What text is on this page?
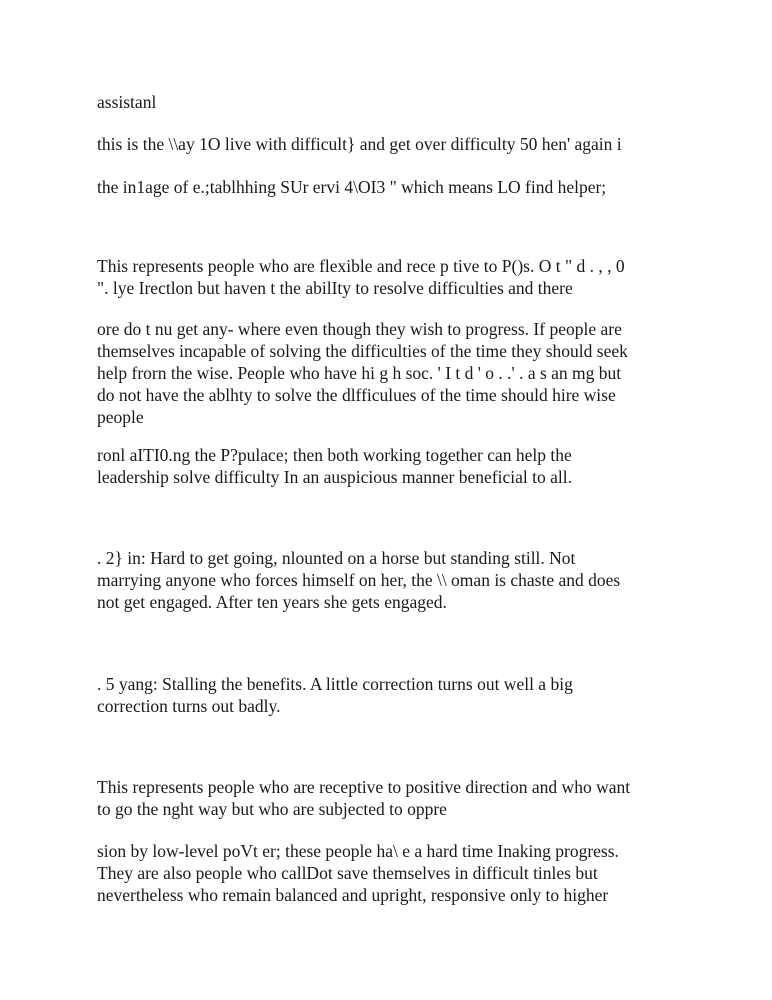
assistanl

this is the \\ay 1O live with difficult} and get over difficulty 50 hen' again i

the in1age of e.;tablhhing SUr ervi 4\OI3 " which means LO find helper;

This represents people who are flexible and rece p tive to P()s. O t " d . , , 0
". lye Irectlon but haven t the abilIty to resolve difficulties and there

ore do t nu get any- where even though they wish to progress. If people are
themselves incapable of solving the difficulties of the time they should seek
help frorn the wise. People who have hi g h soc. ' I t d ' o . .' . a s an mg but
do not have the ablhty to solve the dlfficulues of the time should hire wise
people

ronl aITI0.ng the P?pulace; then both working together can help the
leadership solve difficulty In an auspicious manner beneficial to all.

. 2} in: Hard to get going, nlounted on a horse but standing still. Not
marrying anyone who forces himself on her, the \\ oman is chaste and does
not get engaged. After ten years she gets engaged.

. 5 yang: Stalling the benefits. A little correction turns out well a big
correction turns out badly.

This represents people who are receptive to positive direction and who want
to go the nght way but who are subjected to oppre

sion by low-level poVt er; these people ha\ e a hard time Inaking progress.
They are also people who callDot save themselves in difficult tinles but
nevertheless who remain balanced and upright, responsive only to higher
